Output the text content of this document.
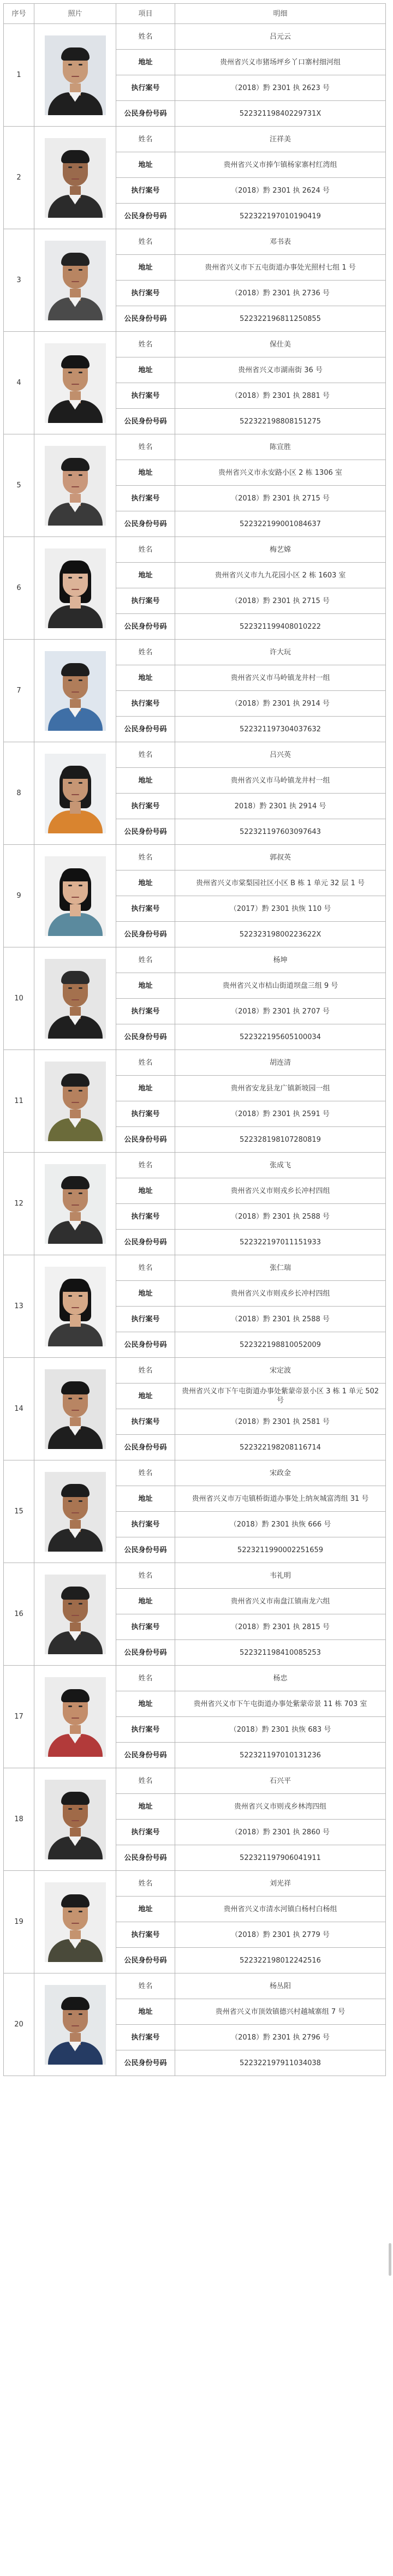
序号	照片	项目	明细
1		姓名	吕元云
		地址	贵州省兴义市猪场坪乡丫口寨村细河组
		执行案号	（2018）黔 2301 执 2623 号
		公民身份号码	52232119840229731X
2		姓名	汪祥美
		地址	贵州省兴义市捧乍镇杨家寨村红湾组
		执行案号	（2018）黔 2301 执 2624 号
		公民身份号码	522322197010190419
3		姓名	邓书表
		地址	贵州省兴义市下五屯街道办事处光照村七组 1 号
		执行案号	（2018）黔 2301 执 2736 号
		公民身份号码	522322196811250855
4		姓名	保仕美
		地址	贵州省兴义市湖南街 36 号
		执行案号	（2018）黔 2301 执 2881 号
		公民身份号码	522322198808151275
5		姓名	陈宣胜
		地址	贵州省兴义市永安路小区 2 栋 1306 室
		执行案号	（2018）黔 2301 执 2715 号
		公民身份号码	522322199001084637
6		姓名	梅艺嫦
		地址	贵州省兴义市九九花园小区 2 栋 1603 室
		执行案号	（2018）黔 2301 执 2715 号
		公民身份号码	522321199408010222
7		姓名	许大玩
		地址	贵州省兴义市马岭镇龙井村一组
		执行案号	（2018）黔 2301 执 2914 号
		公民身份号码	522321197304037632
8		姓名	吕兴英
		地址	贵州省兴义市马岭镇龙井村一组
		执行案号	2018）黔 2301 执 2914 号
		公民身份号码	522321197603097643
9		姓名	郭叔英
		地址	贵州省兴义市棠梨园社区小区 B 栋 1 单元 32 层 1 号
		执行案号	（2017）黔 2301 执恢 110 号
		公民身份号码	52232319800223622X
10		姓名	杨坤
		地址	贵州省兴义市桔山街道坝盘三组 9 号
		执行案号	（2018）黔 2301 执 2707 号
		公民身份号码	522322195605100034
11		姓名	胡连清
		地址	贵州省安龙县龙广镇新坡园一组
		执行案号	（2018）黔 2301 执 2591 号
		公民身份号码	522328198107280819
12		姓名	张成飞
		地址	贵州省兴义市则戎乡长冲村四组
		执行案号	（2018）黔 2301 执 2588 号
		公民身份号码	522322197011151933
13		姓名	张仁瑞
		地址	贵州省兴义市则戎乡长冲村四组
		执行案号	（2018）黔 2301 执 2588 号
		公民身份号码	522322198810052009
14		姓名	宋定波
		地址	贵州省兴义市下午屯街道办事处紫蒙帝景小区 3 栋 1 单元 502 号
		执行案号	（2018）黔 2301 执 2581 号
		公民身份号码	522322198208116714
15		姓名	宋政金
		地址	贵州省兴义市万屯镇桥街道办事处上纳灰城富湾组 31 号
		执行案号	（2018）黔 2301 执恢 666 号
		公民身份号码	522321199000225165​9
16		姓名	韦礼明
		地址	贵州省兴义市南盘江镇南龙六组
		执行案号	（2018）黔 2301 执 2815 号
		公民身份号码	522321198410085253
17		姓名	杨忠
		地址	贵州省兴义市下午屯街道办事处紫蒙帝景 11 栋 703 室
		执行案号	（2018）黔 2301 执恢 683 号
		公民身份号码	522321197010131236
18		姓名	石兴平
		地址	贵州省兴义市则戎乡林湾四组
		执行案号	（2018）黔 2301 执 2860 号
		公民身份号码	522321197906041911
19		姓名	刘光祥
		地址	贵州省兴义市清水河镇白杨村白杨组
		执行案号	（2018）黔 2301 执 2779 号
		公民身份号码	522322198012242516
20		姓名	杨丛阳
		地址	贵州省兴义市顶效镇德兴村越城寨组 7 号
		执行案号	（2018）黔 2301 执 2796 号
		公民身份号码	522322197911034038
